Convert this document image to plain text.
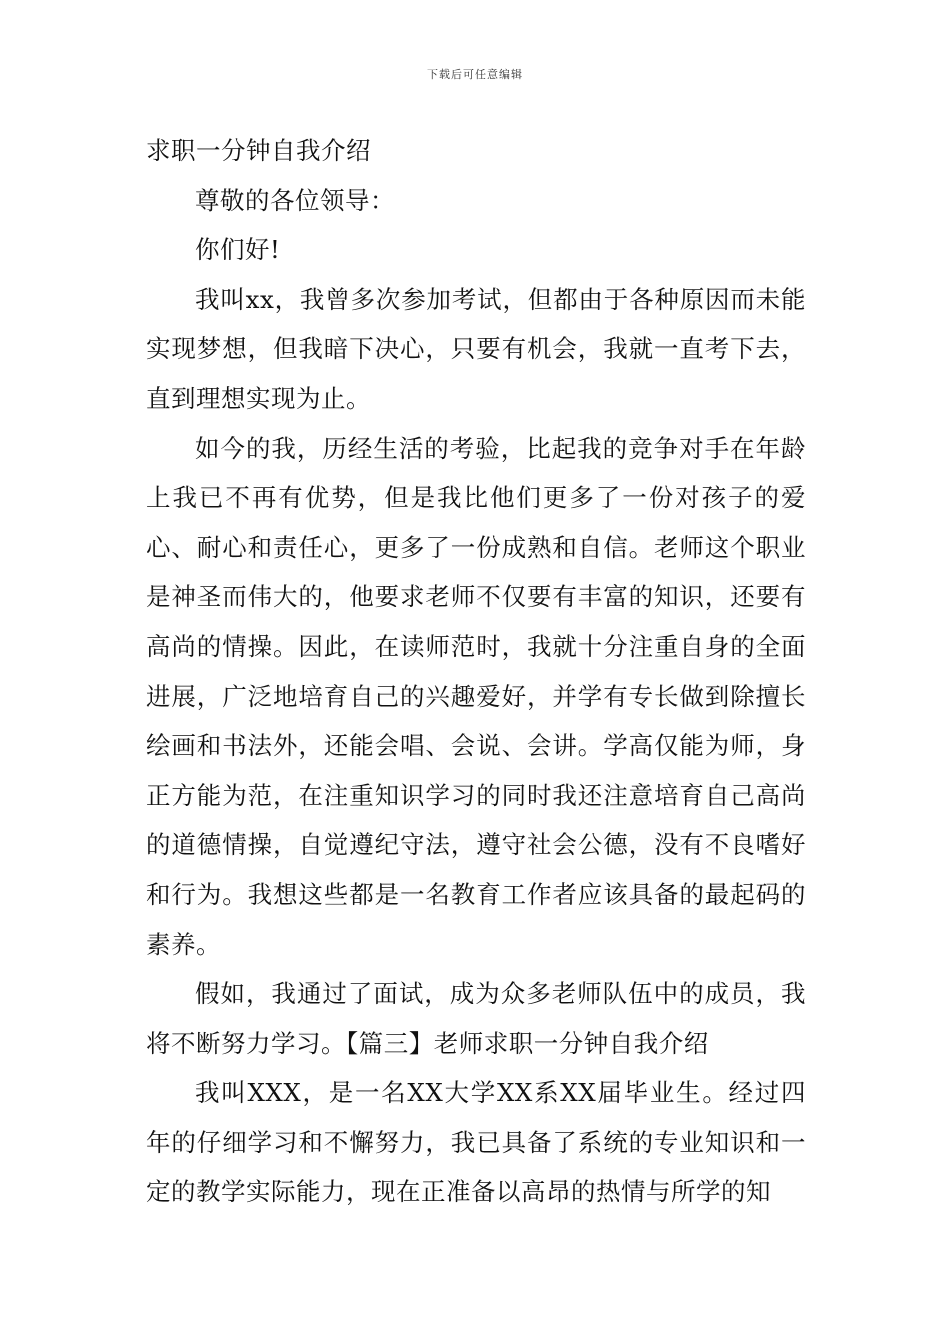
下载后可任意编辑
求职一分钟自我介绍

尊敬的各位领导：

你们好!

我叫xx，我曾多次参加考试，但都由于各种原因而未能实现梦想，但我暗下决心，只要有机会，我就一直考下去，直到理想实现为止。

如今的我，历经生活的考验，比起我的竞争对手在年龄上我已不再有优势，但是我比他们更多了一份对孩子的爱心、耐心和责任心，更多了一份成熟和自信。老师这个职业是神圣而伟大的，他要求老师不仅要有丰富的知识，还要有高尚的情操。因此，在读师范时，我就十分注重自身的全面进展，广泛地培育自己的兴趣爱好，并学有专长做到除擅长绘画和书法外，还能会唱、会说、会讲。学高仅能为师，身正方能为范，在注重知识学习的同时我还注意培育自己高尚的道德情操，自觉遵纪守法，遵守社会公德，没有不良嗜好和行为。我想这些都是一名教育工作者应该具备的最起码的素养。

假如，我通过了面试，成为众多老师队伍中的成员，我将不断努力学习。【篇三】老师求职一分钟自我介绍

我叫XXX，是一名XX大学XX系XX届毕业生。经过四年的仔细学习和不懈努力，我已具备了系统的专业知识和一定的教学实际能力，现在正准备以高昂的热情与所学的知
